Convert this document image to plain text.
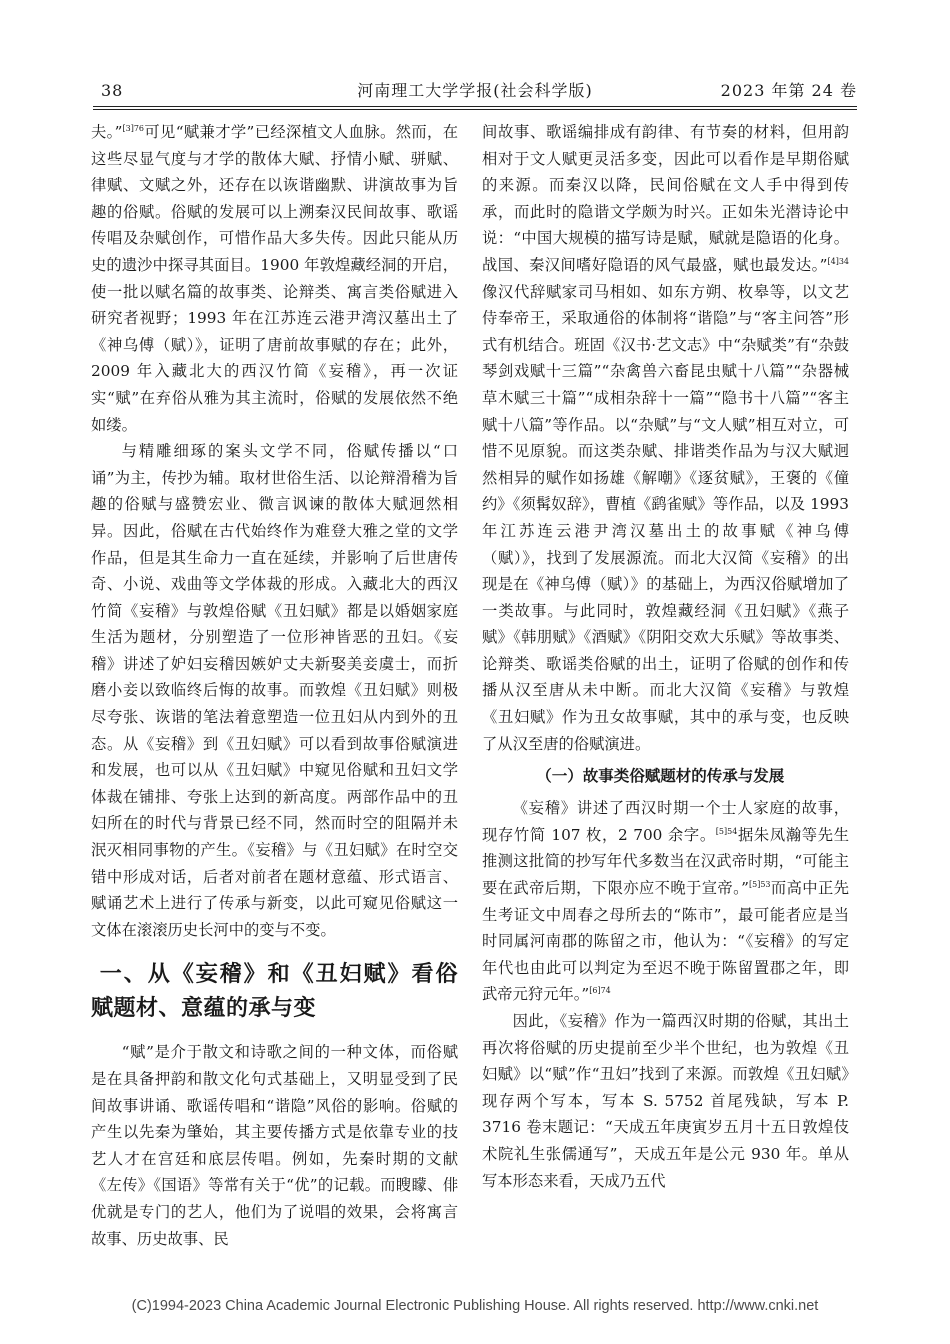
38	河南理工大学学报(社会科学版)	2023 年第 24 卷

夫。”$^{[3]76}$可见“赋兼才学”已经深植文人血脉。然而，在这些尽显气度与才学的散体大赋、抒情小赋、骈赋、律赋、文赋之外，还存在以诙谐幽默、讲演故事为旨趣的俗赋。俗赋的发展可以上溯秦汉民间故事、歌谣传唱及杂赋创作，可惜作品大多失传。因此只能从历史的遗沙中探寻其面目。1900 年敦煌藏经洞的开启，使一批以赋名篇的故事类、论辩类、寓言类俗赋进入研究者视野；1993 年在江苏连云港尹湾汉墓出土了《神乌傅（赋）》，证明了唐前故事赋的存在；此外，2009 年入藏北大的西汉竹简《妄稽》，再一次证实“赋”在弃俗从雅为其主流时，俗赋的发展依然不绝如缕。

与精雕细琢的案头文学不同，俗赋传播以“口诵”为主，传抄为辅。取材世俗生活、以论辩滑稽为旨趣的俗赋与盛赞宏业、微言讽谏的散体大赋迥然相异。因此，俗赋在古代始终作为难登大雅之堂的文学作品，但是其生命力一直在延续，并影响了后世唐传奇、小说、戏曲等文学体裁的形成。入藏北大的西汉竹简《妄稽》与敦煌俗赋《丑妇赋》都是以婚姻家庭生活为题材，分别塑造了一位形神皆恶的丑妇。《妄稽》讲述了妒妇妄稽因嫉妒丈夫新娶美妾虞士，而折磨小妾以致临终后悔的故事。而敦煌《丑妇赋》则极尽夸张、诙谐的笔法着意塑造一位丑妇从内到外的丑态。从《妄稽》到《丑妇赋》可以看到故事俗赋演进和发展，也可以从《丑妇赋》中窥见俗赋和丑妇文学体裁在铺排、夸张上达到的新高度。两部作品中的丑妇所在的时代与背景已经不同，然而时空的阻隔并未泯灭相同事物的产生。《妄稽》与《丑妇赋》在时空交错中形成对话，后者对前者在题材意蕴、形式语言、赋诵艺术上进行了传承与新变，以此可窥见俗赋这一文体在滚滚历史长河中的变与不变。

一、从《妄稽》和《丑妇赋》看俗赋题材、意蕴的承与变

“赋”是介于散文和诗歌之间的一种文体，而俗赋是在具备押韵和散文化句式基础上，又明显受到了民间故事讲诵、歌谣传唱和“谐隐”风俗的影响。俗赋的产生以先秦为肇始，其主要传播方式是依靠专业的技艺人才在宫廷和底层传唱。例如，先秦时期的文献《左传》《国语》等常有关于“优”的记载。而瞍矇、俳优就是专门的艺人，他们为了说唱的效果，会将寓言故事、历史故事、民

间故事、歌谣编排成有韵律、有节奏的材料，但用韵相对于文人赋更灵活多变，因此可以看作是早期俗赋的来源。而秦汉以降，民间俗赋在文人手中得到传承，而此时的隐谐文学颇为时兴。正如朱光潜诗论中说：“中国大规模的描写诗是赋，赋就是隐语的化身。战国、秦汉间嗜好隐语的风气最盛，赋也最发达。”$^{[4]34}$像汉代辞赋家司马相如、如东方朔、枚皋等，以文艺侍奉帝王，采取通俗的体制将“谐隐”与“客主问答”形式有机结合。班固《汉书·艺文志》中“杂赋类”有“杂鼓琴剑戏赋十三篇”“杂禽兽六畜昆虫赋十八篇”“杂器械草木赋三十篇”“成相杂辞十一篇”“隐书十八篇”“客主赋十八篇”等作品。以“杂赋”与“文人赋”相互对立，可惜不见原貌。而这类杂赋、排谐类作品为与汉大赋迥然相异的赋作如扬雄《解嘲》《逐贫赋》，王褒的《僮约》《须髯奴辞》，曹植《鹞雀赋》等作品，以及 1993 年江苏连云港尹湾汉墓出土的故事赋《神乌傅（赋）》，找到了发展源流。而北大汉简《妄稽》的出现是在《神乌傅（赋）》的基础上，为西汉俗赋增加了一类故事。与此同时，敦煌藏经洞《丑妇赋》《燕子赋》《韩朋赋》《酒赋》《阴阳交欢大乐赋》等故事类、论辩类、歌谣类俗赋的出土，证明了俗赋的创作和传播从汉至唐从未中断。而北大汉简《妄稽》与敦煌《丑妇赋》作为丑女故事赋，其中的承与变，也反映了从汉至唐的俗赋演进。

（一）故事类俗赋题材的传承与发展

《妄稽》讲述了西汉时期一个士人家庭的故事，现存竹简 107 枚，2 700 余字。$^{[5]54}$据朱凤瀚等先生推测这批简的抄写年代多数当在汉武帝时期，“可能主要在武帝后期，下限亦应不晚于宣帝。”$^{[5]53}$而高中正先生考证文中周春之母所去的“陈市”，最可能者应是当时同属河南郡的陈留之市，他认为：“《妄稽》的写定年代也由此可以判定为至迟不晚于陈留置郡之年，即武帝元狩元年。”$^{[6]74}$

因此，《妄稽》作为一篇西汉时期的俗赋，其出土再次将俗赋的历史提前至少半个世纪，也为敦煌《丑妇赋》以“赋”作“丑妇”找到了来源。而敦煌《丑妇赋》现存两个写本，写本 S. 5752 首尾残缺，写本 P. 3716 卷末题记：“天成五年庚寅岁五月十五日敦煌伎术院礼生张儒通写”，天成五年是公元 930 年。单从写本形态来看，天成乃五代

(C)1994-2023 China Academic Journal Electronic Publishing House. All rights reserved. http://www.cnki.net
